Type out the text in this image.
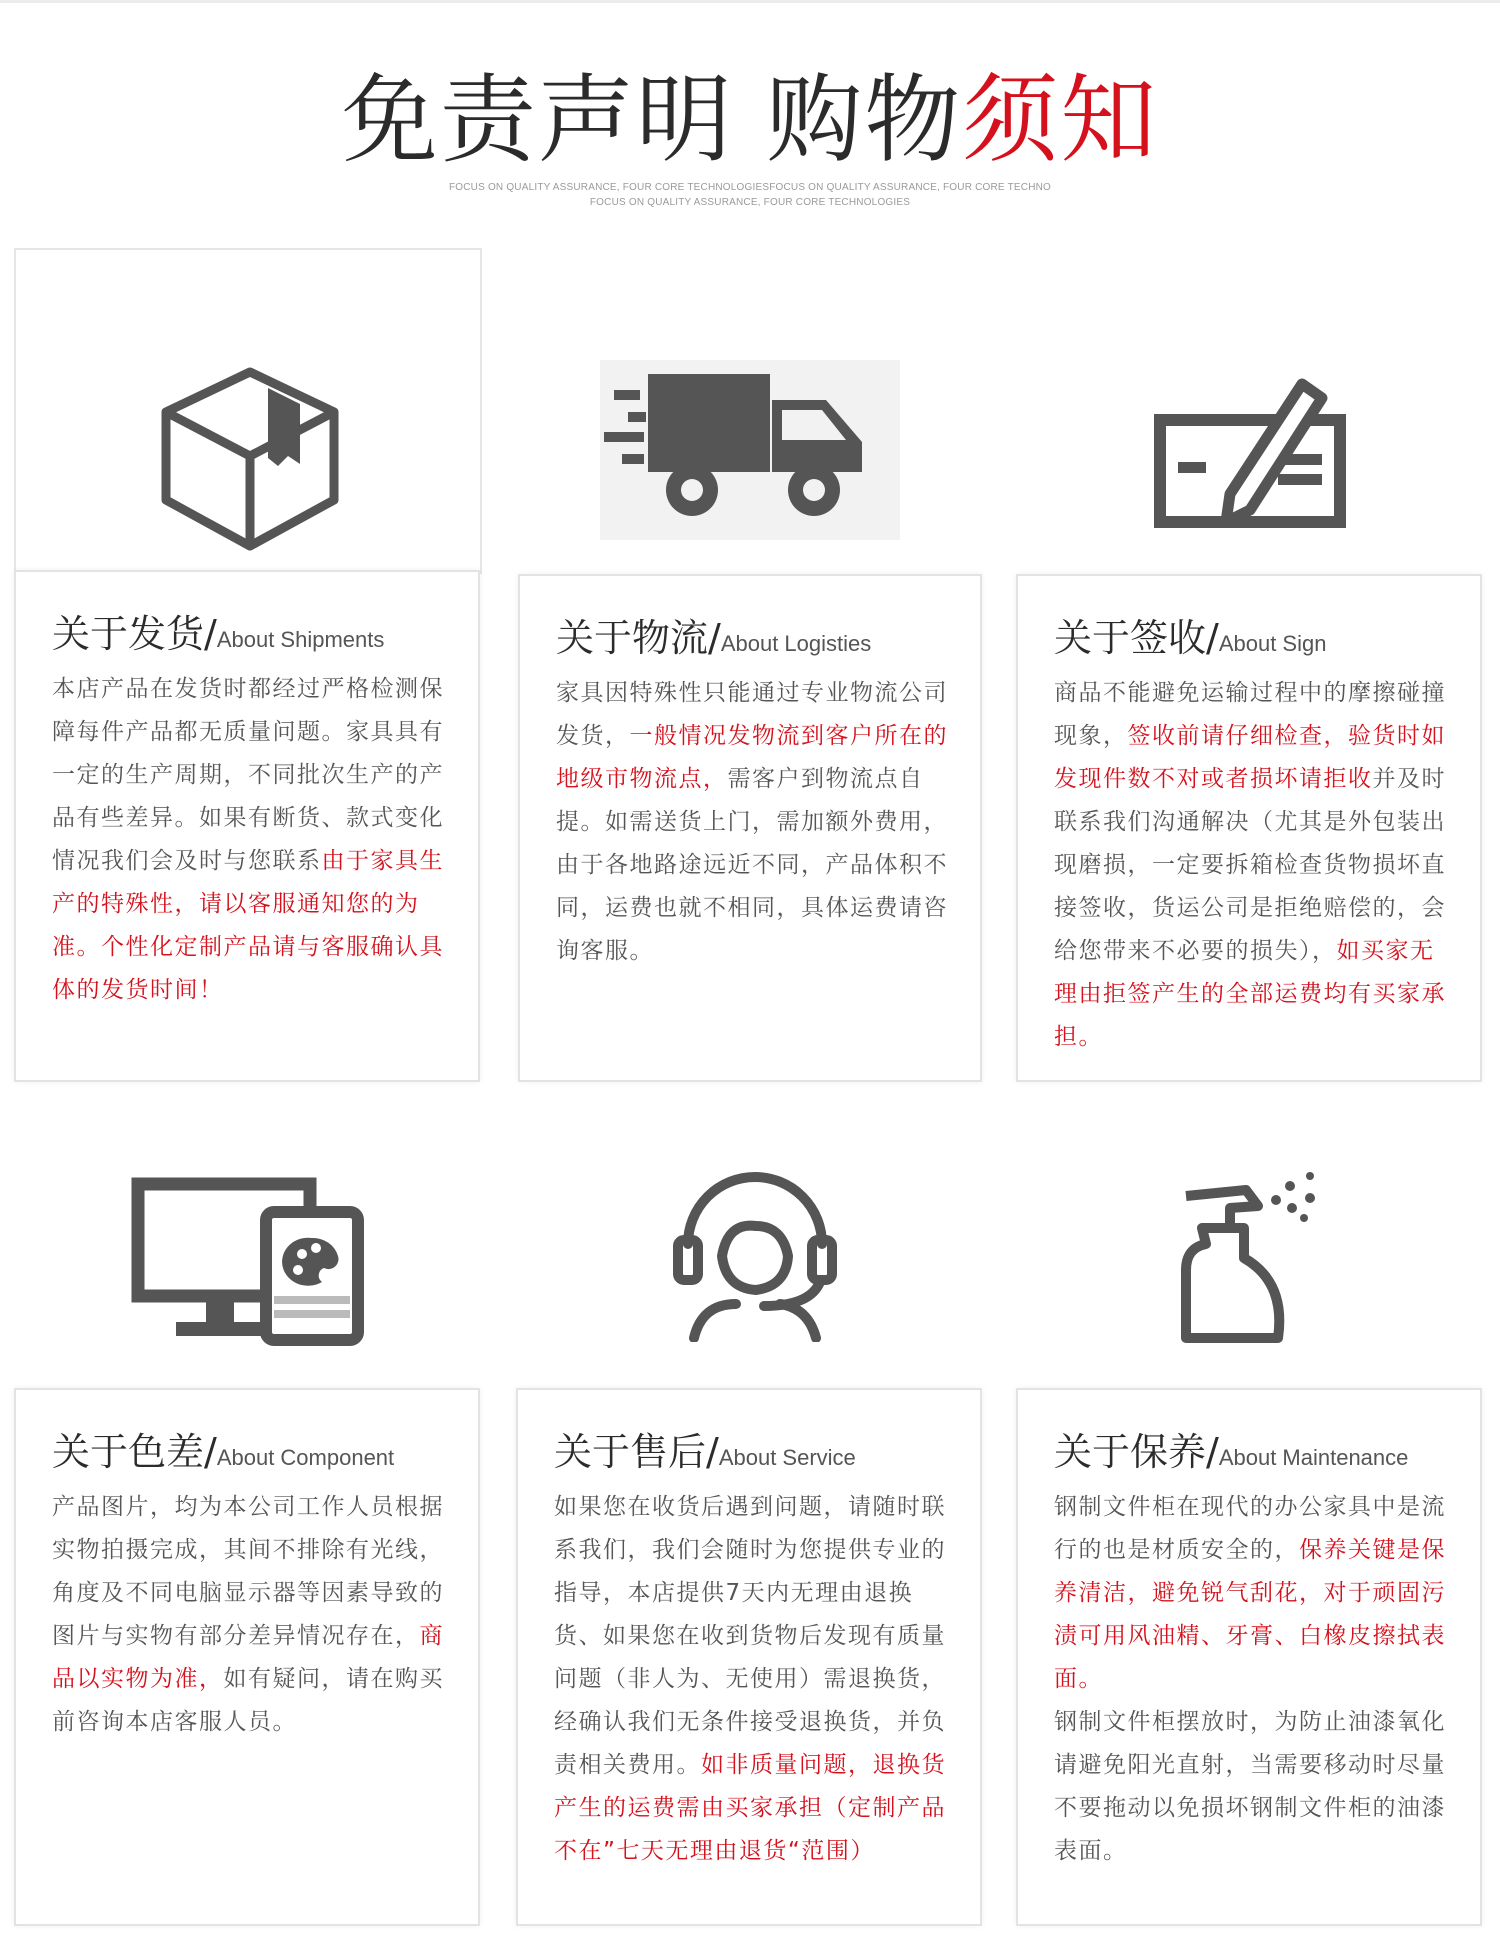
免责声明 购物须知
FOCUS ON QUALITY ASSURANCE, FOUR CORE TECHNOLOGIESFOCUS ON QUALITY ASSURANCE, FOUR CORE TECHNO
FOCUS ON QUALITY ASSURANCE, FOUR CORE TECHNOLOGIES
关于发货/About Shipments

本店产品在发货时都经过严格检测保障每件产品都无质量问题。家具具有一定的生产周期，不同批次生产的产品有些差异。如果有断货、款式变化情况我们会及时与您联系由于家具生产的特殊性，请以客服通知您的为准。个性化定制产品请与客服确认具体的发货时间！

关于物流/About Logisties

家具因特殊性只能通过专业物流公司发货，一般情况发物流到客户所在的地级市物流点，需客户到物流点自提。如需送货上门，需加额外费用，由于各地路途远近不同，产品体积不同，运费也就不相同，具体运费请咨询客服。

关于签收/About Sign

商品不能避免运输过程中的摩擦碰撞现象，签收前请仔细检查，验货时如发现件数不对或者损坏请拒收并及时联系我们沟通解决（尤其是外包装出现磨损，一定要拆箱检查货物损坏直接签收，货运公司是拒绝赔偿的，会给您带来不必要的损失），如买家无理由拒签产生的全部运费均有买家承担。

关于色差/About Component

产品图片，均为本公司工作人员根据实物拍摄完成，其间不排除有光线，角度及不同电脑显示器等因素导致的图片与实物有部分差异情况存在，商品以实物为准，如有疑问，请在购买前咨询本店客服人员。

关于售后/About Service

如果您在收货后遇到问题，请随时联系我们，我们会随时为您提供专业的指导，本店提供7天内无理由退换货、如果您在收到货物后发现有质量问题（非人为、无使用）需退换货，经确认我们无条件接受退换货，并负责相关费用。如非质量问题，退换货产生的运费需由买家承担（定制产品不在”七天无理由退货“范围）

关于保养/About Maintenance

钢制文件柜在现代的办公家具中是流行的也是材质安全的，保养关键是保养清洁，避免锐气刮花，对于顽固污渍可用风油精、牙膏、白橡皮擦拭表面。

钢制文件柜摆放时，为防止油漆氧化请避免阳光直射，当需要移动时尽量不要拖动以免损坏钢制文件柜的油漆表面。
